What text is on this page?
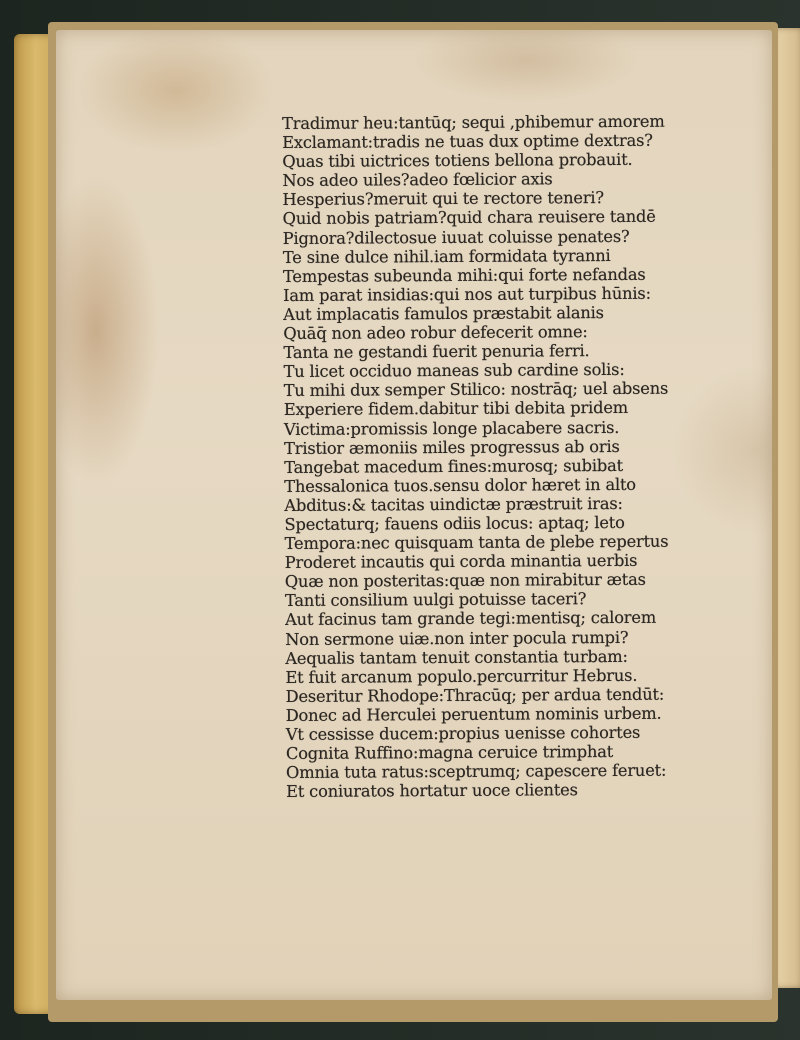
Tradimur heu:tantūq; sequi ,phibemur amorem
Exclamant:tradis ne tuas dux optime dextras?
Quas tibi uictrices totiens bellona probauit.
Nos adeo uiles?adeo fœlicior axis
Hesperius?meruit qui te rectore teneri?
Quid nobis patriam?quid chara reuisere tandē
Pignora?dilectosue iuuat coluisse penates?
Te sine dulce nihil.iam formidata tyranni
Tempestas subeunda mihi:qui forte nefandas
Iam parat insidias:qui nos aut turpibus hūnis:
Aut implacatis famulos præstabit alanis
Quāq̄ non adeo robur defecerit omne:
Tanta ne gestandi fuerit penuria ferri.
Tu licet occiduo maneas sub cardine solis:
Tu mihi dux semper Stilico: nostrāq; uel absens
Experiere fidem.dabitur tibi debita pridem
Victima:promissis longe placabere sacris.
Tristior æmoniis miles progressus ab oris
Tangebat macedum fines:murosq; subibat
Thessalonica tuos.sensu dolor hæret in alto
Abditus:& tacitas uindictæ præstruit iras:
Spectaturq; fauens odiis locus: aptaq; leto
Tempora:nec quisquam tanta de plebe repertus
Proderet incautis qui corda minantia uerbis
Quæ non posteritas:quæ non mirabitur ætas
Tanti consilium uulgi potuisse taceri?
Aut facinus tam grande tegi:mentisq; calorem
Non sermone uiæ.non inter pocula rumpi?
Aequalis tantam tenuit constantia turbam:
Et fuit arcanum populo.percurritur Hebrus.
Deseritur Rhodope:Thracūq; per ardua tendūt:
Donec ad Herculei peruentum nominis urbem.
Vt cessisse ducem:propius uenisse cohortes
Cognita Ruffino:magna ceruice trimphat
Omnia tuta ratus:sceptrumq; capescere feruet:
Et coniuratos hortatur uoce clientes
